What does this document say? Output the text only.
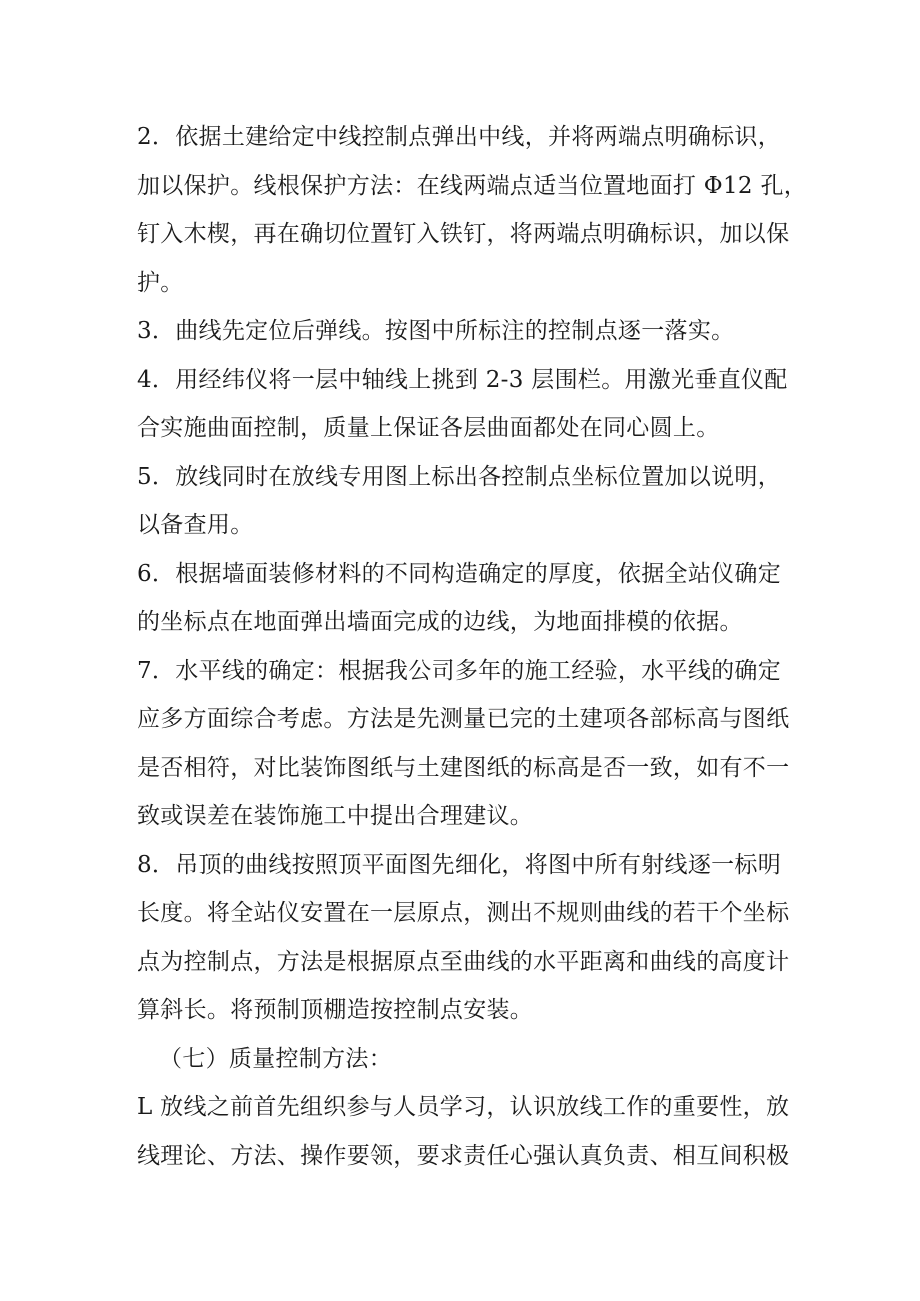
2．依据土建给定中线控制点弹出中线，并将两端点明确标识，
加以保护。线根保护方法：在线两端点适当位置地面打 Φ12 孔，
钉入木楔，再在确切位置钉入铁钉，将两端点明确标识，加以保
护。
3．曲线先定位后弹线。按图中所标注的控制点逐一落实。
4．用经纬仪将一层中轴线上挑到 2-3 层围栏。用激光垂直仪配
合实施曲面控制，质量上保证各层曲面都处在同心圆上。
5．放线同时在放线专用图上标出各控制点坐标位置加以说明，
以备查用。
6．根据墙面装修材料的不同构造确定的厚度，依据全站仪确定
的坐标点在地面弹出墙面完成的边线，为地面排模的依据。
7．水平线的确定：根据我公司多年的施工经验，水平线的确定
应多方面综合考虑。方法是先测量已完的土建项各部标高与图纸
是否相符，对比装饰图纸与土建图纸的标高是否一致，如有不一
致或误差在装饰施工中提出合理建议。
8．吊顶的曲线按照顶平面图先细化，将图中所有射线逐一标明
长度。将全站仪安置在一层原点，测出不规则曲线的若干个坐标
点为控制点，方法是根据原点至曲线的水平距离和曲线的高度计
算斜长。将预制顶棚造按控制点安装。
（七）质量控制方法：
L 放线之前首先组织参与人员学习，认识放线工作的重要性，放
线理论、方法、操作要领，要求责任心强认真负责、相互间积极
